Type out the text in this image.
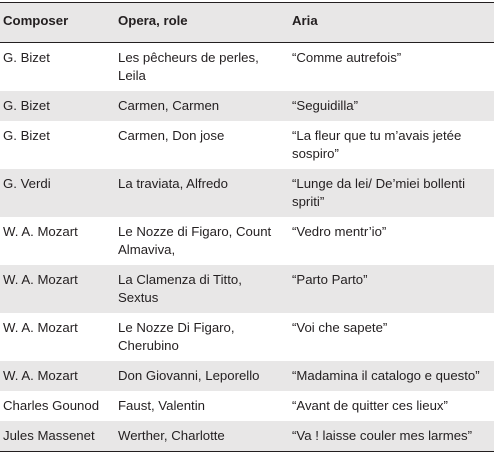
Composer	Opera, role	Aria
G. Bizet	Les pêcheurs de perles, Leila	“Comme autrefois”
G. Bizet	Carmen, Carmen	“Seguidilla”
G. Bizet	Carmen, Don jose	“La fleur que tu m’avais jetée sospiro”
G. Verdi	La traviata, Alfredo	“Lunge da lei/ De’miei bollenti spriti”
W. A. Mozart	Le Nozze di Figaro, Count Almaviva,	“Vedro mentr’io”
W. A. Mozart	La Clamenza di Titto, Sextus	“Parto Parto”
W. A. Mozart	Le Nozze Di Figaro, Cherubino	“Voi che sapete”
W. A. Mozart	Don Giovanni, Leporello	“Madamina il catalogo e questo”
Charles Gounod	Faust, Valentin	“Avant de quitter ces lieux”
Jules Massenet	Werther, Charlotte	“Va ! laisse couler mes larmes”
